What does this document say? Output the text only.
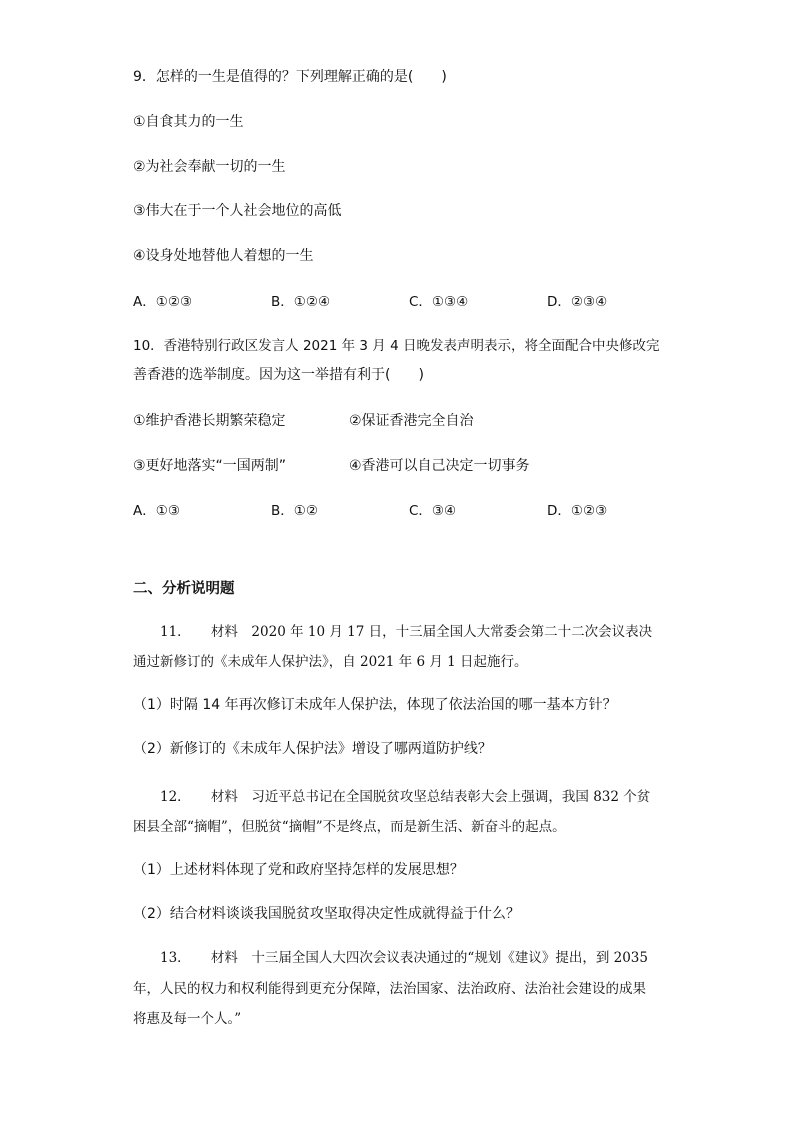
9．怎样的一生是值得的？下列理解正确的是(　　)
①自食其力的一生
②为社会奉献一切的一生
③伟大在于一个人社会地位的高低
④设身处地替他人着想的一生
A．①②③	B．①②④	C．①③④	D．②③④
10．香港特别行政区发言人 2021 年 3 月 4 日晚发表声明表示，将全面配合中央修改完
善香港的选举制度。因为这一举措有利于(　　)
①维护香港长期繁荣稳定	②保证香港完全自治
③更好地落实“一国两制”	④香港可以自己决定一切事务
A．①③	B．①②	C．③④	D．①②③
二、分析说明题
　　11．　　材料　2020 年 10 月 17 日，十三届全国人大常委会第二十二次会议表决
通过新修订的《未成年人保护法》，自 2021 年 6 月 1 日起施行。
（1）时隔 14 年再次修订未成年人保护法，体现了依法治国的哪一基本方针？
（2）新修订的《未成年人保护法》增设了哪两道防护线？
　　12．　　材料　习近平总书记在全国脱贫攻坚总结表彰大会上强调，我国 832 个贫
困县全部“摘帽”，但脱贫“摘帽”不是终点，而是新生活、新奋斗的起点。
（1）上述材料体现了党和政府坚持怎样的发展思想？
（2）结合材料谈谈我国脱贫攻坚取得决定性成就得益于什么？
　　13．　　材料　十三届全国人大四次会议表决通过的“规划《建议》提出，到 2035
年，人民的权力和权利能得到更充分保障，法治国家、法治政府、法治社会建设的成果
将惠及每一个人。”
